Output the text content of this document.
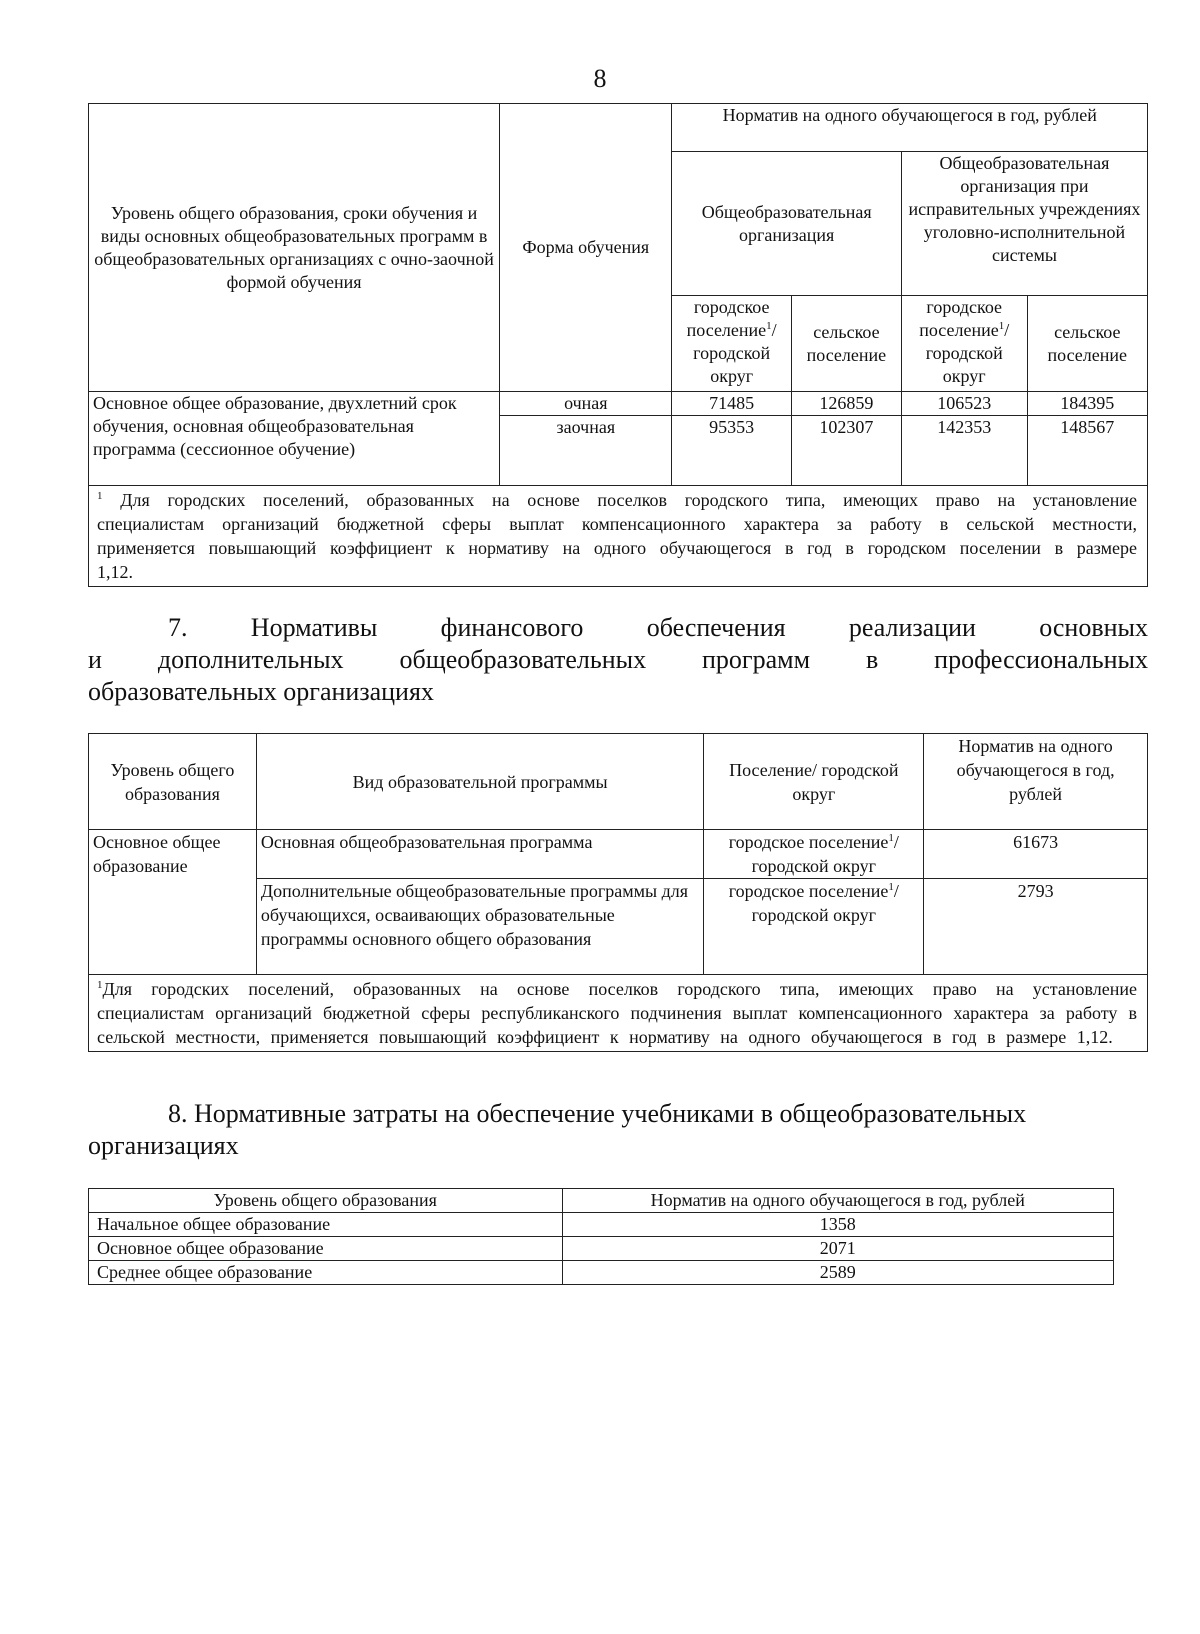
8
Уровень общего образования, сроки обучения и виды основных общеобразовательных программ в общеобразовательных организациях с очно-заочной формой обучения	Форма обучения	Норматив на одного обучающегося в год, рублей			
		Общеобразовательная организация		Общеобразовательная организация при исправительных учреждениях уголовно-исполнительной системы	
		городское поселение$^1$/ городской округ	сельское поселение	городское поселение$^1$/ городской округ	сельское поселение
Основное общее образование, двухлетний срок обучения, основная общеобразовательная программа (сессионное обучение)	очная	71485	126859	106523	184395
	заочная	95353	102307	142353	148567
$^1$ Для городских поселений, образованных на основе поселков городского типа, имеющих право на установление специалистам организаций бюджетной сферы выплат компенсационного характера за работу в сельской местности, применяется повышающий коэффициент к нормативу на одного обучающегося в год в городском поселении в размере 1,12.					
7. Нормативы финансового обеспечения реализации основных
и дополнительных общеобразовательных программ в профессиональных
образовательных организациях
Уровень общего образования	Вид образовательной программы	Поселение/ городской округ	Норматив на одного обучающегося в год, рублей
Основное общее образование	Основная общеобразовательная программа	городское поселение$^1$/ городской округ	61673
	Дополнительные общеобразовательные программы для обучающихся, осваивающих образовательные программы основного общего образования	городское поселение$^1$/ городской округ	2793
$^1$Для городских поселений, образованных на основе поселков городского типа, имеющих право на установление специалистам организаций бюджетной сферы республиканского подчинения выплат компенсационного характера за работу в сельской местности, применяется повышающий коэффициент к нормативу на одного обучающегося в год в размере 1,12.			
8. Нормативные затраты на обеспечение учебниками в общеобразовательных
организациях
Уровень общего образования	Норматив на одного обучающегося в год, рублей
Начальное общее образование	1358
Основное общее образование	2071
Среднее общее образование	2589
